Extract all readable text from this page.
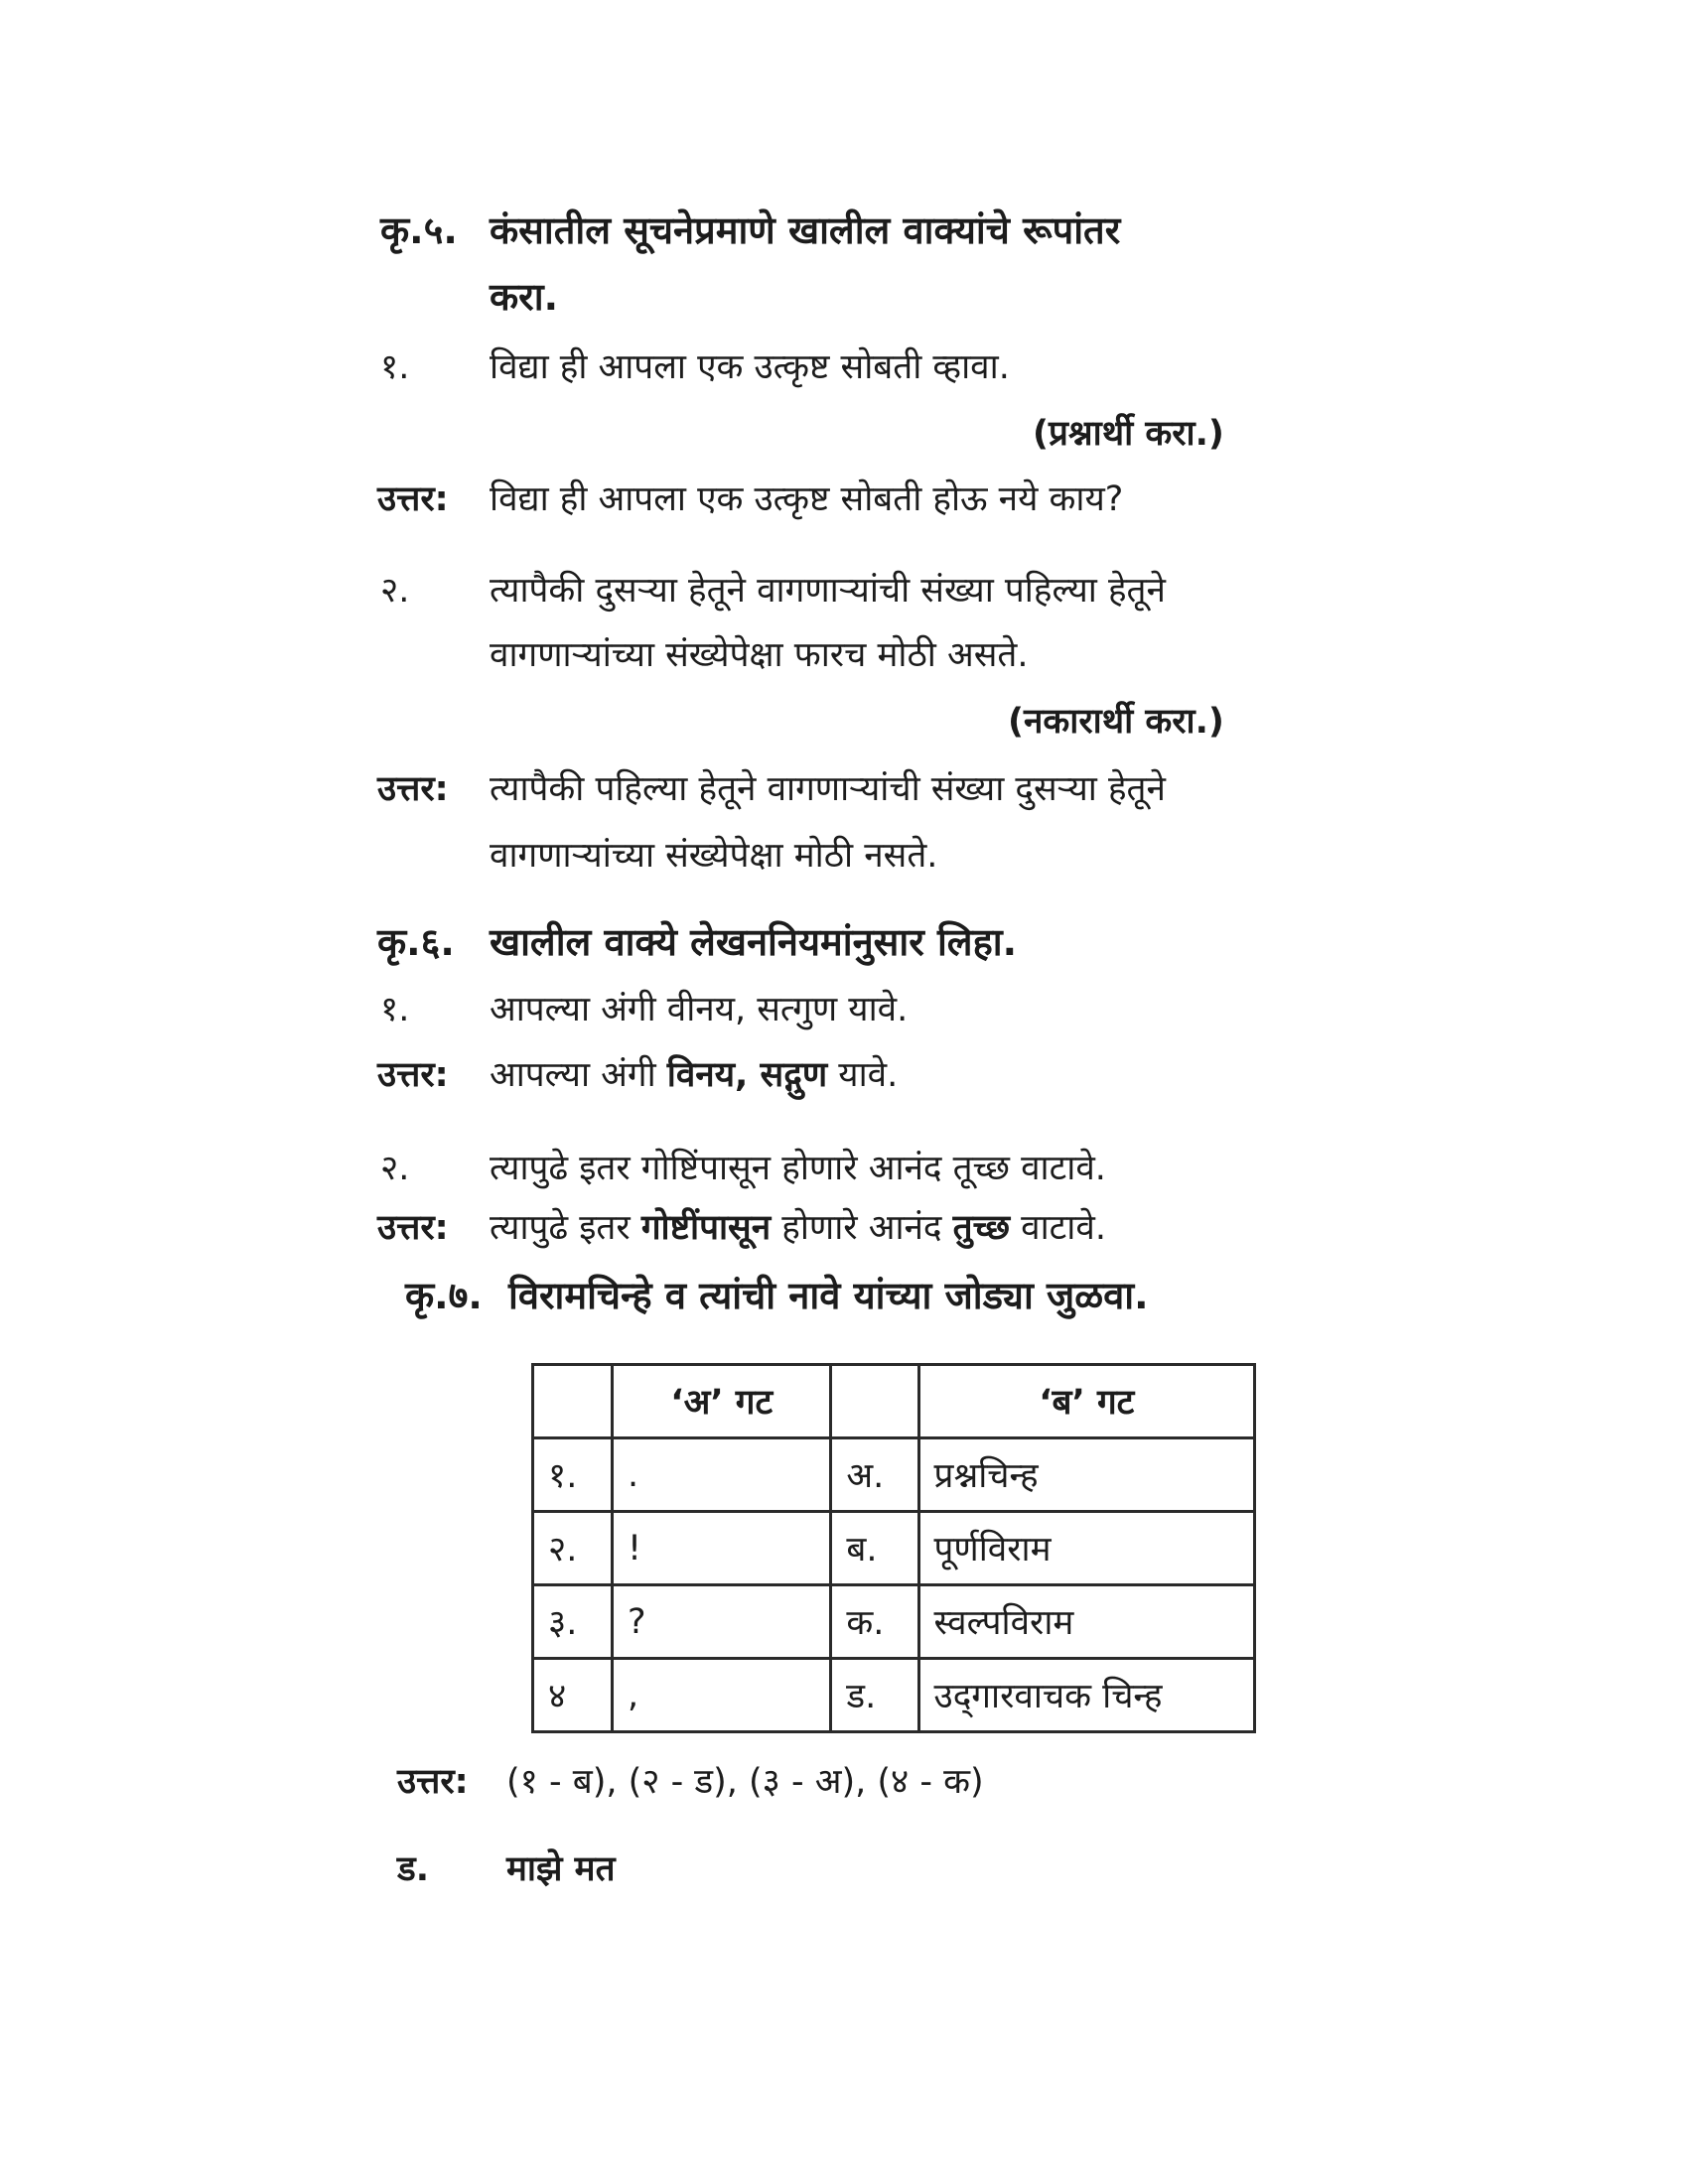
कृ.५. कंसातील सूचनेप्रमाणे खालील वाक्यांचे रूपांतर
करा.
१. विद्या ही आपला एक उत्कृष्ट सोबती व्हावा.
(प्रश्नार्थी करा.)
उत्तर: विद्या ही आपला एक उत्कृष्ट सोबती होऊ नये काय?
२. त्यापैकी दुसऱ्या हेतूने वागणाऱ्यांची संख्या पहिल्या हेतूने
वागणाऱ्यांच्या संख्येपेक्षा फारच मोठी असते.
(नकारार्थी करा.)
उत्तर: त्यापैकी पहिल्या हेतूने वागणाऱ्यांची संख्या दुसऱ्या हेतूने
वागणाऱ्यांच्या संख्येपेक्षा मोठी नसते.
कृ.६. खालील वाक्ये लेखननियमांनुसार लिहा.
१. आपल्या अंगी वीनय, सत्गुण यावे.
उत्तर: आपल्या अंगी विनय, सद्गुण यावे.
२. त्यापुढे इतर गोष्टिंपासून होणारे आनंद तूच्छ वाटावे.
उत्तर: त्यापुढे इतर गोष्टींपासून होणारे आनंद तुच्छ वाटावे.
कृ.७. विरामचिन्हे व त्यांची नावे यांच्या जोड्या जुळवा.
	‘अ’ गट		‘ब’ गट
१.	.	अ.	प्रश्नचिन्ह
२.	!	ब.	पूर्णविराम
३.	?	क.	स्वल्पविराम
४	,	ड.	उद्‌गारवाचक चिन्ह
उत्तर: (१ - ब), (२ - ड), (३ - अ), (४ - क)
ड. माझे मत
